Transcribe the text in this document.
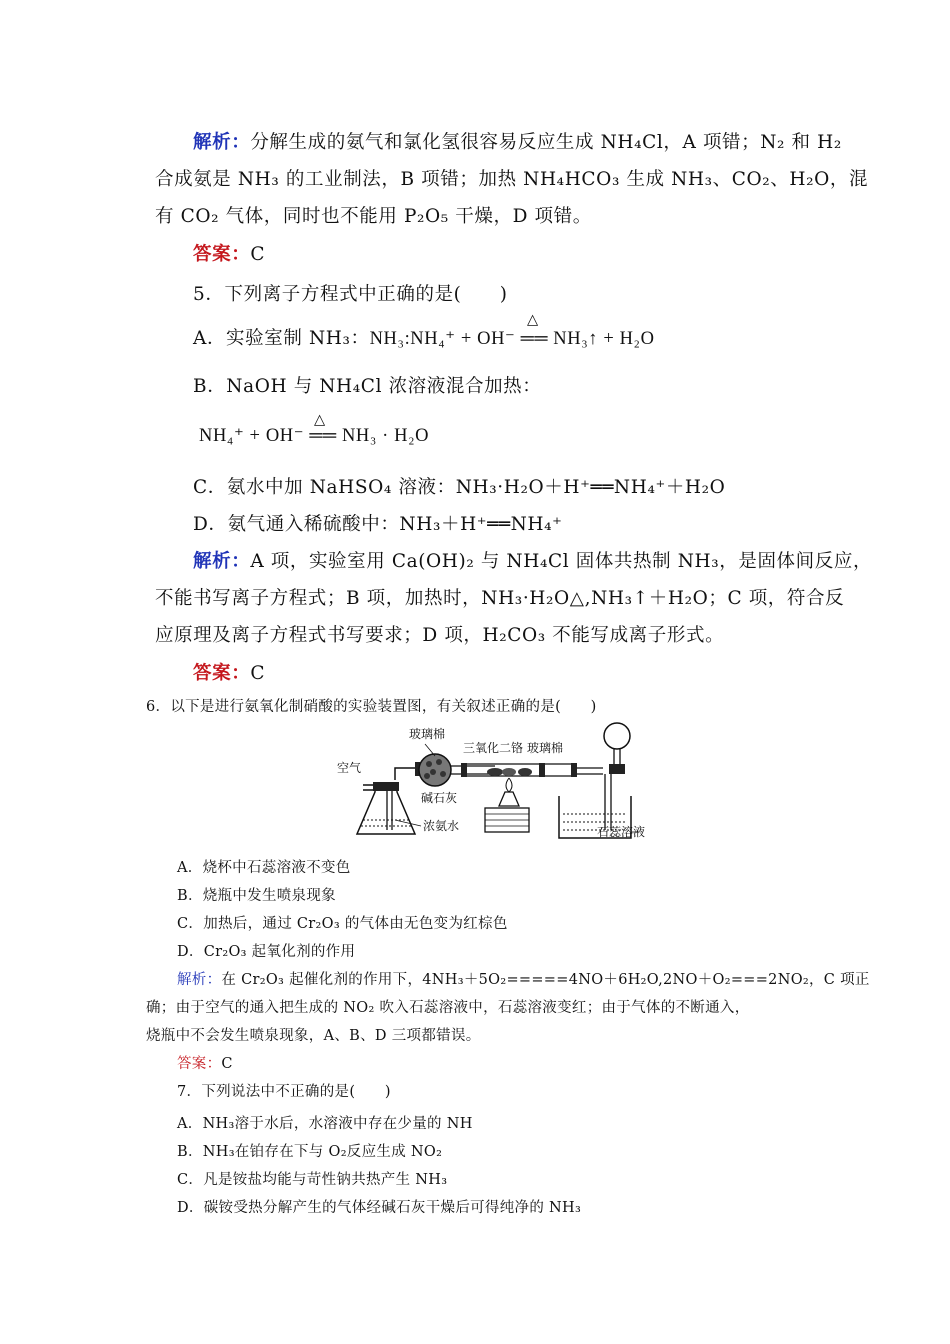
解析：分解生成的氨气和氯化氢很容易反应生成 NH₄Cl，A 项错；N₂ 和 H₂
合成氨是 NH₃ 的工业制法，B 项错；加热 NH₄HCO₃ 生成 NH₃、CO₂、H₂O，混
有 CO₂ 气体，同时也不能用 P₂O₅ 干燥，D 项错。
答案：C
5．下列离子方程式中正确的是(　　)
A．实验室制 NH₃：NH₃:NH₄⁺ + OH⁻ ══ NH₃↑ + H₂O
△
B．NaOH 与 NH₄Cl 浓溶液混合加热：
△
NH₄⁺ + OH⁻ ══ NH₃ · H₂O
C．氨水中加 NaHSO₄ 溶液：NH₃·H₂O＋H⁺══NH₄⁺＋H₂O
D．氨气通入稀硫酸中：NH₃＋H⁺══NH₄⁺
解析：A 项，实验室用 Ca(OH)₂ 与 NH₄Cl 固体共热制 NH₃，是固体间反应，
不能书写离子方程式；B 项，加热时，NH₃·H₂O△,NH₃↑＋H₂O；C 项，符合反
应原理及离子方程式书写要求；D 项，H₂CO₃ 不能写成离子形式。
答案：C
6．以下是进行氨氧化制硝酸的实验装置图，有关叙述正确的是(　　)
空气
玻璃棉
三氧化二铬 玻璃棉
碱石灰
浓氨水	石蕊溶液
A．烧杯中石蕊溶液不变色
B．烧瓶中发生喷泉现象
C．加热后，通过 Cr₂O₃ 的气体由无色变为红棕色
D．Cr₂O₃ 起氧化剂的作用
解析：在 Cr₂O₃ 起催化剂的作用下，4NH₃＋5O₂=====4NO＋6H₂O,2NO＋O₂===2NO₂，C 项正
确；由于空气的通入把生成的 NO₂ 吹入石蕊溶液中，石蕊溶液变红；由于气体的不断通入，
烧瓶中不会发生喷泉现象，A、B、D 三项都错误。
答案：C
7．下列说法中不正确的是(　　)
A．NH₃溶于水后，水溶液中存在少量的 NH
B．NH₃在铂存在下与 O₂反应生成 NO₂
C．凡是铵盐均能与苛性钠共热产生 NH₃
D．碳铵受热分解产生的气体经碱石灰干燥后可得纯净的 NH₃
